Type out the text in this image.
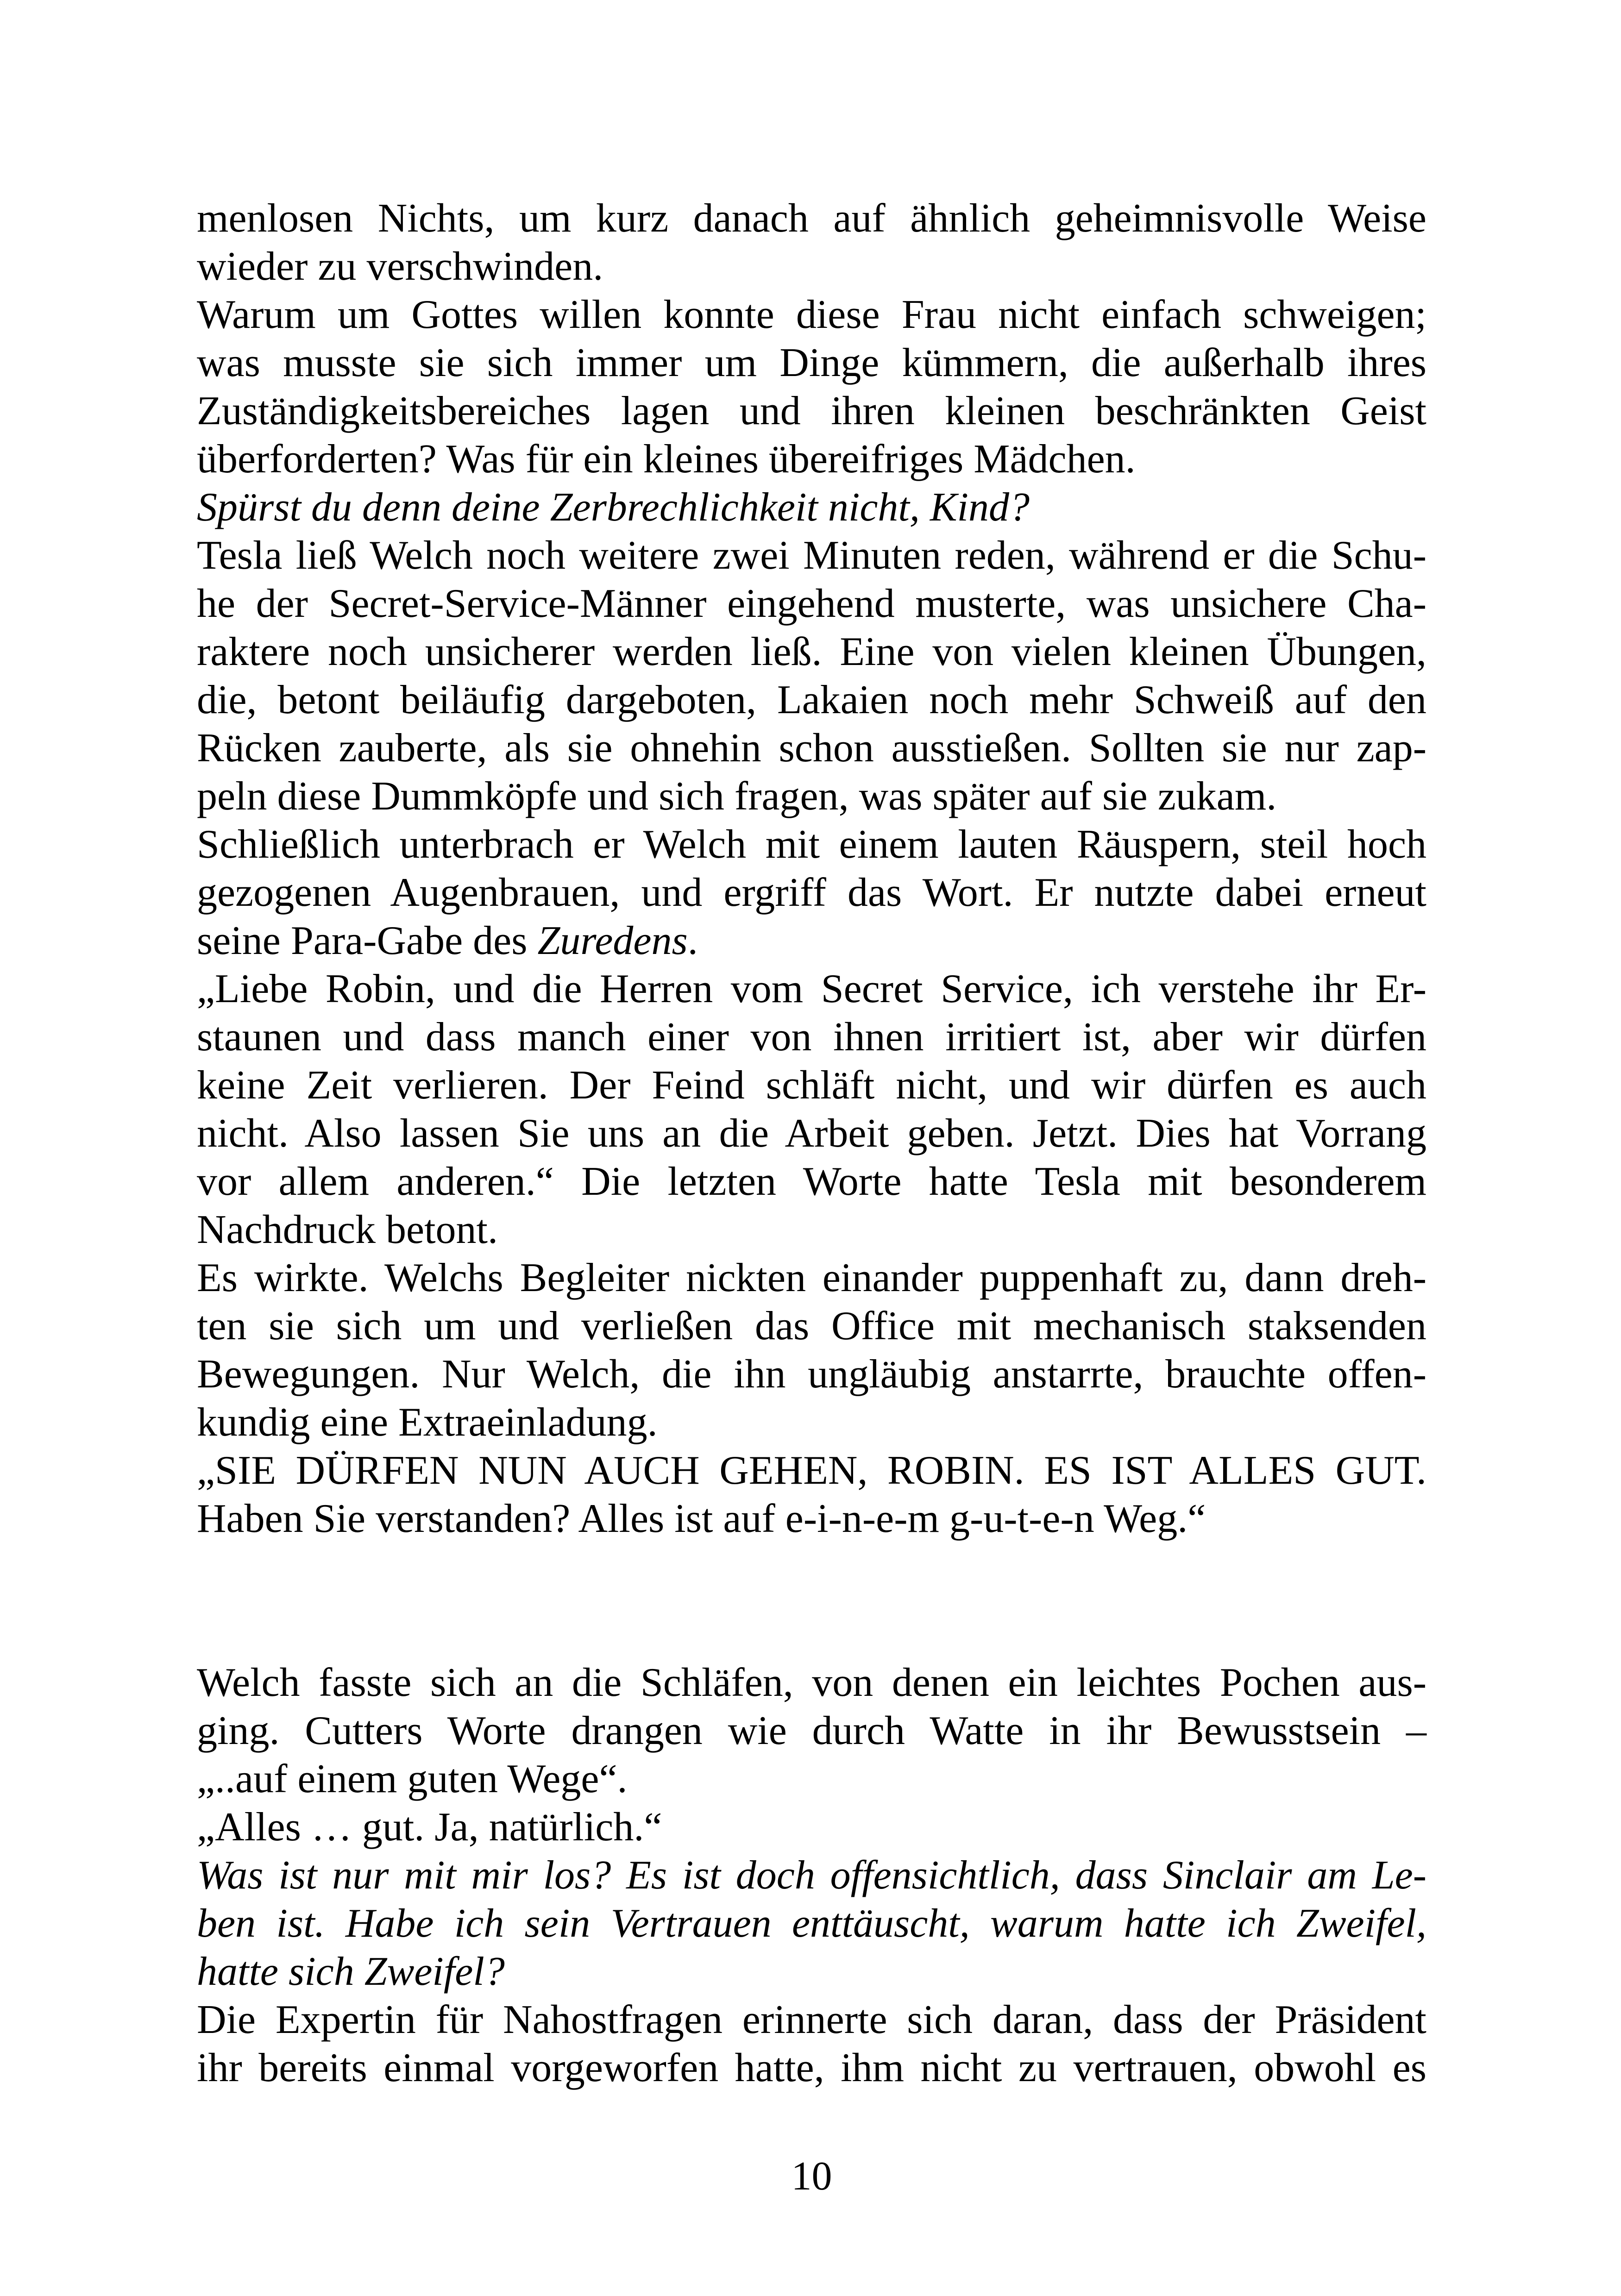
menlosen Nichts, um kurz danach auf ähnlich geheimnisvolle Weise
wieder zu verschwinden.
Warum um Gottes willen konnte diese Frau nicht einfach schweigen;
was musste sie sich immer um Dinge kümmern, die außerhalb ihres
Zuständigkeitsbereiches lagen und ihren kleinen beschränkten Geist
überforderten? Was für ein kleines übereifriges Mädchen.
Spürst du denn deine Zerbrechlichkeit nicht, Kind?
Tesla ließ Welch noch weitere zwei Minuten reden, während er die Schu-
he der Secret-Service-Männer eingehend musterte, was unsichere Cha-
raktere noch unsicherer werden ließ. Eine von vielen kleinen Übungen,
die, betont beiläufig dargeboten, Lakaien noch mehr Schweiß auf den
Rücken zauberte, als sie ohnehin schon ausstießen. Sollten sie nur zap-
peln diese Dummköpfe und sich fragen, was später auf sie zukam.
Schließlich unterbrach er Welch mit einem lauten Räuspern, steil hoch
gezogenen Augenbrauen, und ergriff das Wort. Er nutzte dabei erneut
seine Para-Gabe des Zuredens.
„Liebe Robin, und die Herren vom Secret Service, ich verstehe ihr Er-
staunen und dass manch einer von ihnen irritiert ist, aber wir dürfen
keine Zeit verlieren. Der Feind schläft nicht, und wir dürfen es auch
nicht. Also lassen Sie uns an die Arbeit geben. Jetzt. Dies hat Vorrang
vor allem anderen.“ Die letzten Worte hatte Tesla mit besonderem
Nachdruck betont.
Es wirkte. Welchs Begleiter nickten einander puppenhaft zu, dann dreh-
ten sie sich um und verließen das Office mit mechanisch staksenden
Bewegungen. Nur Welch, die ihn ungläubig anstarrte, brauchte offen-
kundig eine Extraeinladung.
„SIE DÜRFEN NUN AUCH GEHEN, ROBIN. ES IST ALLES GUT.
Haben Sie verstanden? Alles ist auf e-i-n-e-m g-u-t-e-n Weg.“
Welch fasste sich an die Schläfen, von denen ein leichtes Pochen aus-
ging. Cutters Worte drangen wie durch Watte in ihr Bewusstsein –
„..auf einem guten Wege“.
„Alles … gut. Ja, natürlich.“
Was ist nur mit mir los? Es ist doch offensichtlich, dass Sinclair am Le-
ben ist. Habe ich sein Vertrauen enttäuscht, warum hatte ich Zweifel,
hatte sich Zweifel?
Die Expertin für Nahostfragen erinnerte sich daran, dass der Präsident
ihr bereits einmal vorgeworfen hatte, ihm nicht zu vertrauen, obwohl es
10
